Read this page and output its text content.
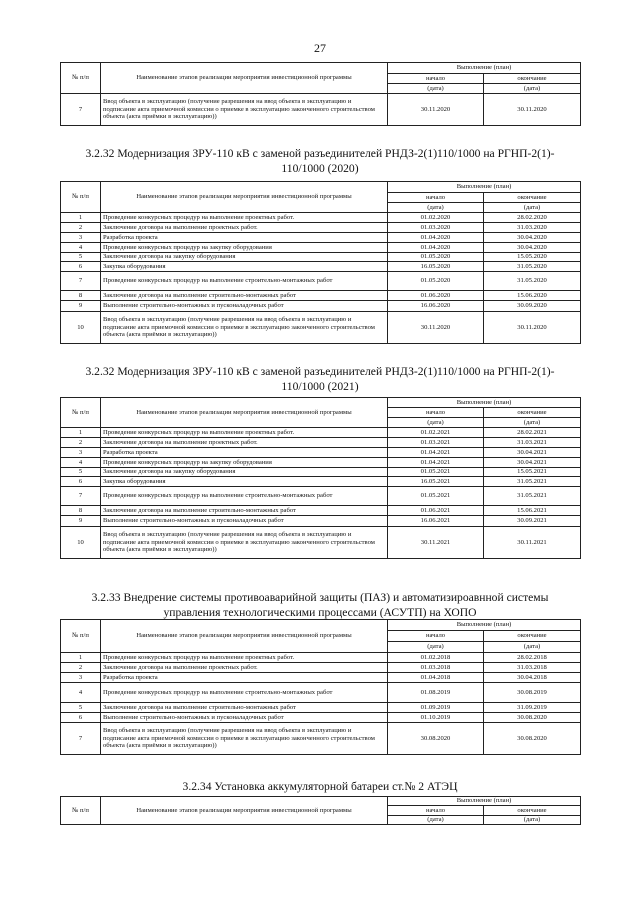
27
№ п/п	Наименование этапов реализации мероприятия инвестиционной программы	Выполнение (план)	
		начало	окончание
		(дата)	(дата)
7	Ввод объекта в эксплуатацию (получение разрешения на ввод объекта в эксплуатацию и подписание акта приемочной комиссии о приемке в эксплуатацию законченного строительством объекта (акта приёмки в эксплуатацию))	30.11.2020	30.11.2020
3.2.32 Модернизация ЗРУ-110 кВ с заменой разъединителей РНДЗ-2(1)110/1000 на РГНП-2(1)-
110/1000 (2020)
№ п/п	Наименование этапов реализации мероприятия инвестиционной программы	Выполнение (план)	
		начало	окончание
		(дата)	(дата)
1	Проведение конкурсных процедур на выполнение проектных работ.	01.02.2020	28.02.2020
2	Заключение договора на выполнение проектных работ.	01.03.2020	31.03.2020
3	Разработка проекта	01.04.2020	30.04.2020
4	Проведение конкурсных процедур на закупку оборудования	01.04.2020	30.04.2020
5	Заключение договора на закупку оборудования	01.05.2020	15.05.2020
6	Закупка оборудования	16.05.2020	31.05.2020
7	Проведение конкурсных процедур на выполнение строительно-монтажных работ	01.05.2020	31.05.2020
8	Заключение договора на выполнение строительно-монтажных работ	01.06.2020	15.06.2020
9	Выполнение строительно-монтажных и пусконаладочных работ	16.06.2020	30.09.2020
10	Ввод объекта в эксплуатацию (получение разрешения на ввод объекта в эксплуатацию и подписание акта приемочной комиссии о приемке в эксплуатацию законченного строительством объекта (акта приёмки в эксплуатацию))	30.11.2020	30.11.2020
3.2.32 Модернизация ЗРУ-110 кВ с заменой разъединителей РНДЗ-2(1)110/1000 на РГНП-2(1)-
110/1000 (2021)
№ п/п	Наименование этапов реализации мероприятия инвестиционной программы	Выполнение (план)	
		начало	окончание
		(дата)	(дата)
1	Проведение конкурсных процедур на выполнение проектных работ.	01.02.2021	28.02.2021
2	Заключение договора на выполнение проектных работ.	01.03.2021	31.03.2021
3	Разработка проекта	01.04.2021	30.04.2021
4	Проведение конкурсных процедур на закупку оборудования	01.04.2021	30.04.2021
5	Заключение договора на закупку оборудования	01.05.2021	15.05.2021
6	Закупка оборудования	16.05.2021	31.05.2021
7	Проведение конкурсных процедур на выполнение строительно-монтажных работ	01.05.2021	31.05.2021
8	Заключение договора на выполнение строительно-монтажных работ	01.06.2021	15.06.2021
9	Выполнение строительно-монтажных и пусконаладочных работ	16.06.2021	30.09.2021
10	Ввод объекта в эксплуатацию (получение разрешения на ввод объекта в эксплуатацию и подписание акта приемочной комиссии о приемке в эксплуатацию законченного строительством объекта (акта приёмки в эксплуатацию))	30.11.2021	30.11.2021
3.2.33 Внедрение системы противоаварийной защиты (ПАЗ) и автоматизироавнной системы
управления технологическими процессами (АСУТП) на ХОПО
№ п/п	Наименование этапов реализации мероприятия инвестиционной программы	Выполнение (план)	
		начало	окончание
		(дата)	(дата)
1	Проведение конкурсных процедур на выполнение проектных работ.	01.02.2018	28.02.2018
2	Заключение договора на выполнение проектных работ.	01.03.2018	31.03.2018
3	Разработка проекта	01.04.2018	30.04.2018
4	Проведение конкурсных процедур на выполнение строительно-монтажных работ	01.08.2019	30.08.2019
5	Заключение договора на выполнение строительно-монтажных работ	01.09.2019	31.09.2019
6	Выполнение строительно-монтажных и пусконаладочных работ	01.10.2019	30.08.2020
7	Ввод объекта в эксплуатацию (получение разрешения на ввод объекта в эксплуатацию и подписание акта приемочной комиссии о приемке в эксплуатацию законченного строительством объекта (акта приёмки в эксплуатацию))	30.08.2020	30.08.2020
3.2.34 Установка аккумуляторной батареи ст.№ 2 АТЭЦ
№ п/п	Наименование этапов реализации мероприятия инвестиционной программы	Выполнение (план)	
		начало	окончание
		(дата)	(дата)
